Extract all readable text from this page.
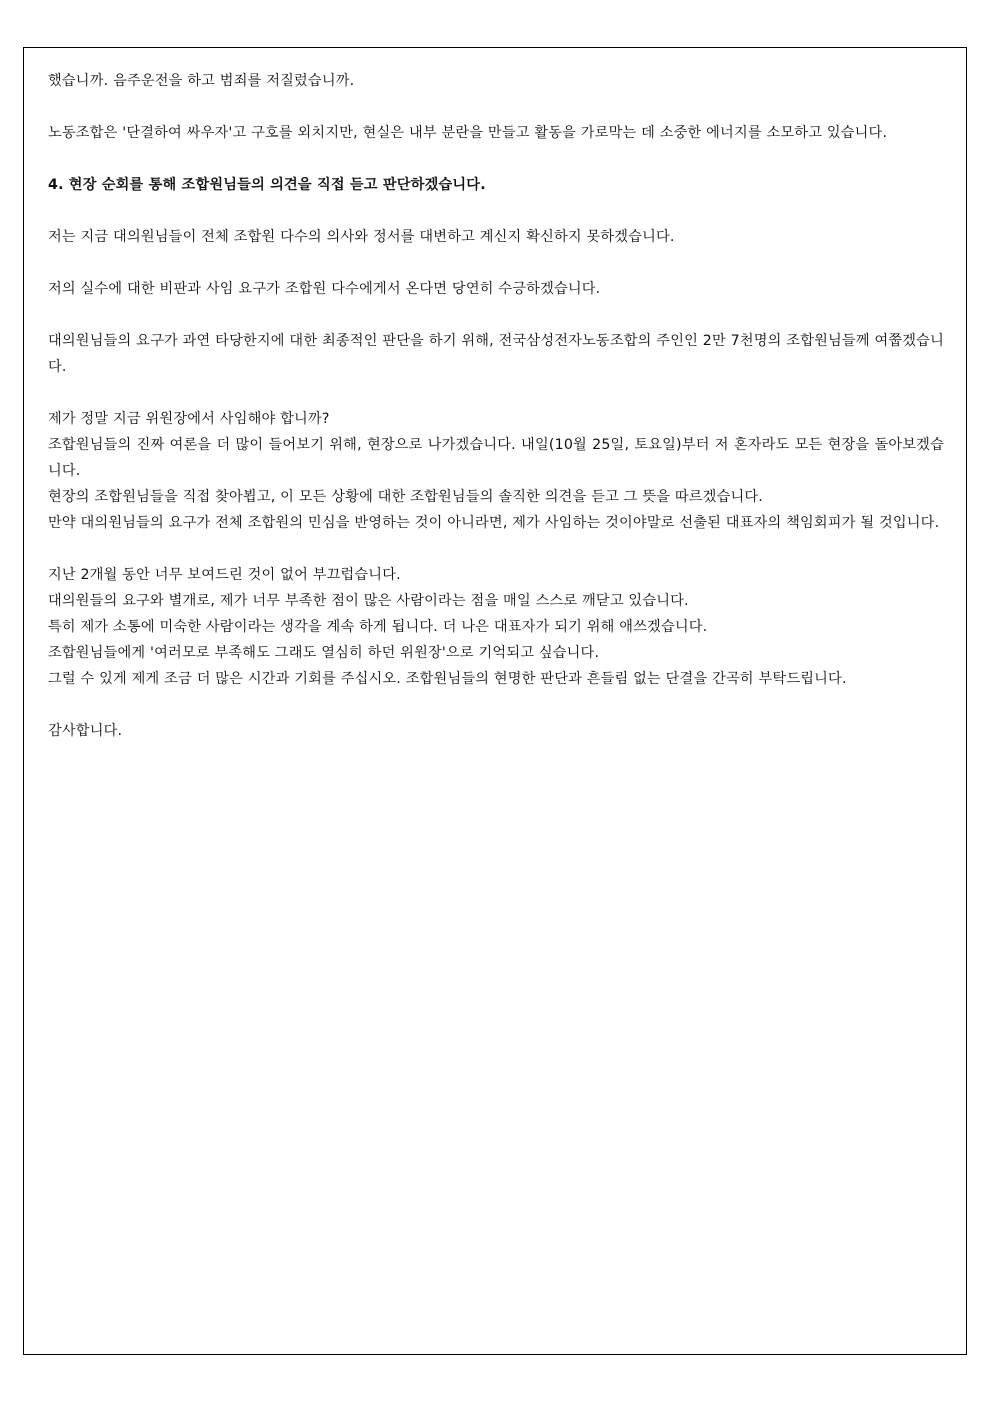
했습니까. 음주운전을 하고 범죄를 저질렀습니까.

노동조합은 '단결하여 싸우자'고 구호를 외치지만, 현실은 내부 분란을 만들고 활동을 가로막는 데 소중한 에너지를 소모하고 있습니다.

4. 현장 순회를 통해 조합원님들의 의견을 직접 듣고 판단하겠습니다.

저는 지금 대의원님들이 전체 조합원 다수의 의사와 정서를 대변하고 계신지 확신하지 못하겠습니다.

저의 실수에 대한 비판과 사임 요구가 조합원 다수에게서 온다면 당연히 수긍하겠습니다.

대의원님들의 요구가 과연 타당한지에 대한 최종적인 판단을 하기 위해, 전국삼성전자노동조합의 주인인 2만 7천명의 조합원님들께 여쭙겠습니다.

제가 정말 지금 위원장에서 사임해야 합니까?
조합원님들의 진짜 여론을 더 많이 들어보기 위해, 현장으로 나가겠습니다. 내일(10월 25일, 토요일)부터 저 혼자라도 모든 현장을 돌아보겠습니다.
현장의 조합원님들을 직접 찾아뵙고, 이 모든 상황에 대한 조합원님들의 솔직한 의견을 듣고 그 뜻을 따르겠습니다.
만약 대의원님들의 요구가 전체 조합원의 민심을 반영하는 것이 아니라면, 제가 사임하는 것이야말로 선출된 대표자의 책임회피가 될 것입니다.

지난 2개월 동안 너무 보여드린 것이 없어 부끄럽습니다.
대의원들의 요구와 별개로, 제가 너무 부족한 점이 많은 사람이라는 점을 매일 스스로 깨닫고 있습니다.
특히 제가 소통에 미숙한 사람이라는 생각을 계속 하게 됩니다. 더 나은 대표자가 되기 위해 애쓰겠습니다.
조합원님들에게 '여러모로 부족해도 그래도 열심히 하던 위원장'으로 기억되고 싶습니다.
그럴 수 있게 제게 조금 더 많은 시간과 기회를 주십시오. 조합원님들의 현명한 판단과 흔들림 없는 단결을 간곡히 부탁드립니다.

감사합니다.
